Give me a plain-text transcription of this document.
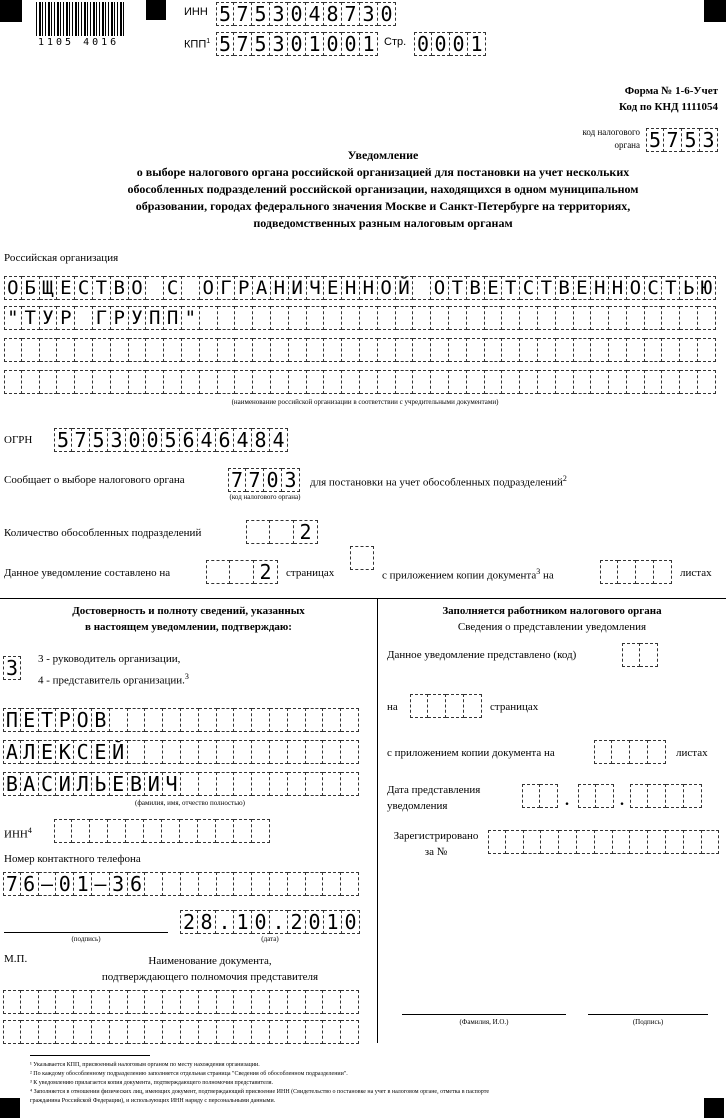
1105 4016
ИНН 5 7 5 3 0 4 8 7 3 0
КПП$^1$ 5 7 5 3 0 1 0 0 1 Стр. 0 0 0 1
Форма № 1-6-Учет
Код по КНД 1111054
код налогового
органа 5 7 5 3
Уведомление
о выборе налогового органа российской организацией для постановки на учет нескольких
обособленных подразделений российской организации, находящихся в одном муниципальном
образовании, городах федерального значения Москве и Санкт-Петербурге на территориях,
подведомственных разным налоговым органам
Российская организация
О Б Щ Е С Т В О С О Г Р А Н И Ч Е Н Н О Й О Т В Е Т С Т В Е Н Н О С Т Ь Ю
" Т У Р Г Р У П П "
(наименование российской организации в соответствии с учредительными документами)
ОГРН 5 7 5 3 0 0 5 6 4 6 4 8 4
Сообщает о выборе налогового органа 7 7 0 3
(код налогового органа)
для постановки на учет обособленных подразделений$^2$
Количество обособленных подразделений	2
Данное уведомление составлено на	2	страницах	с приложением копии документа$^3$ на	листах
Достоверность и полноту сведений, указанных
в настоящем уведомлении, подтверждаю:
3 3 - руководитель организации,
4 - представитель организации.$^3$
П Е Т Р О В
А Л Е К С Е Й
В А С И Л Ь Е В И Ч
(фамилия, имя, отчество полностью)
ИНН$^4$
Номер контактного телефона
7 6 – 0 1 – 3 6
(подпись)
2 8 . 1 0 . 2 0 1 0
(дата)
М.П.	Наименование документа,
подтверждающего полномочия представителя
Заполняется работником налогового органа
Сведения о представлении уведомления
Данное уведомление представлено (код)
на	страницах
с приложением копии документа на	листах
Дата представления
уведомления	.	.
Зарегистрировано
за №
(Фамилия, И.О.)	(Подпись)
¹ Указывается КПП, присвоенный налоговым органом по месту нахождения организации.
² По каждому обособленному подразделению заполняется отдельная страница "Сведения об обособленном подразделении".
³ К уведомлению прилагается копия документа, подтверждающего полномочия представителя.
⁴ Заполняется в отношении физических лиц, имеющих документ, подтверждающий присвоение ИНН (Свидетельство о постановке на учет в налоговом органе, отметка в паспорте
гражданина Российской Федерации), и использующих ИНН наряду с персональными данными.
